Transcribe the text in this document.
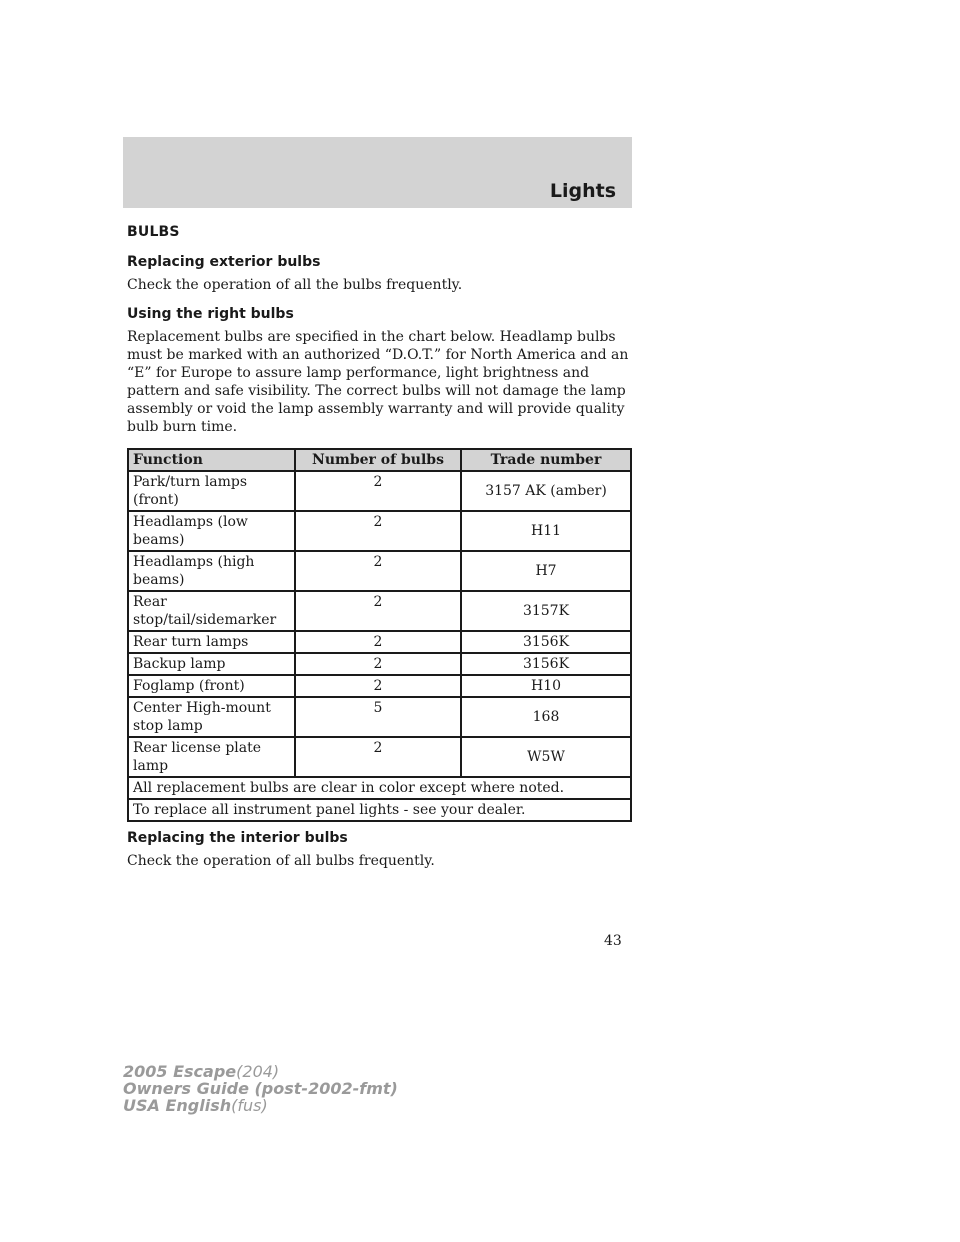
Lights
BULBS
Replacing exterior bulbs

Check the operation of all the bulbs frequently.

Using the right bulbs

Replacement bulbs are specified in the chart below. Headlamp bulbs must be marked with an authorized “D.O.T.” for North America and an “E” for Europe to assure lamp performance, light brightness and pattern and safe visibility. The correct bulbs will not damage the lamp assembly or void the lamp assembly warranty and will provide quality bulb burn time.

Function	Number of bulbs	Trade number
Park/turn lamps (front)	2	3157 AK (amber)
Headlamps (low beams)	2	H11
Headlamps (high beams)	2	H7
Rear stop/tail/sidemarker	2	3157K
Rear turn lamps	2	3156K
Backup lamp	2	3156K
Foglamp (front)	2	H10
Center High-mount stop lamp	5	168
Rear license plate lamp	2	W5W
All replacement bulbs are clear in color except where noted.		
To replace all instrument panel lights - see your dealer.		
Replacing the interior bulbs

Check the operation of all bulbs frequently.

43
2005 Escape(204)
Owners Guide (post-2002-fmt)
USA English(fus)
